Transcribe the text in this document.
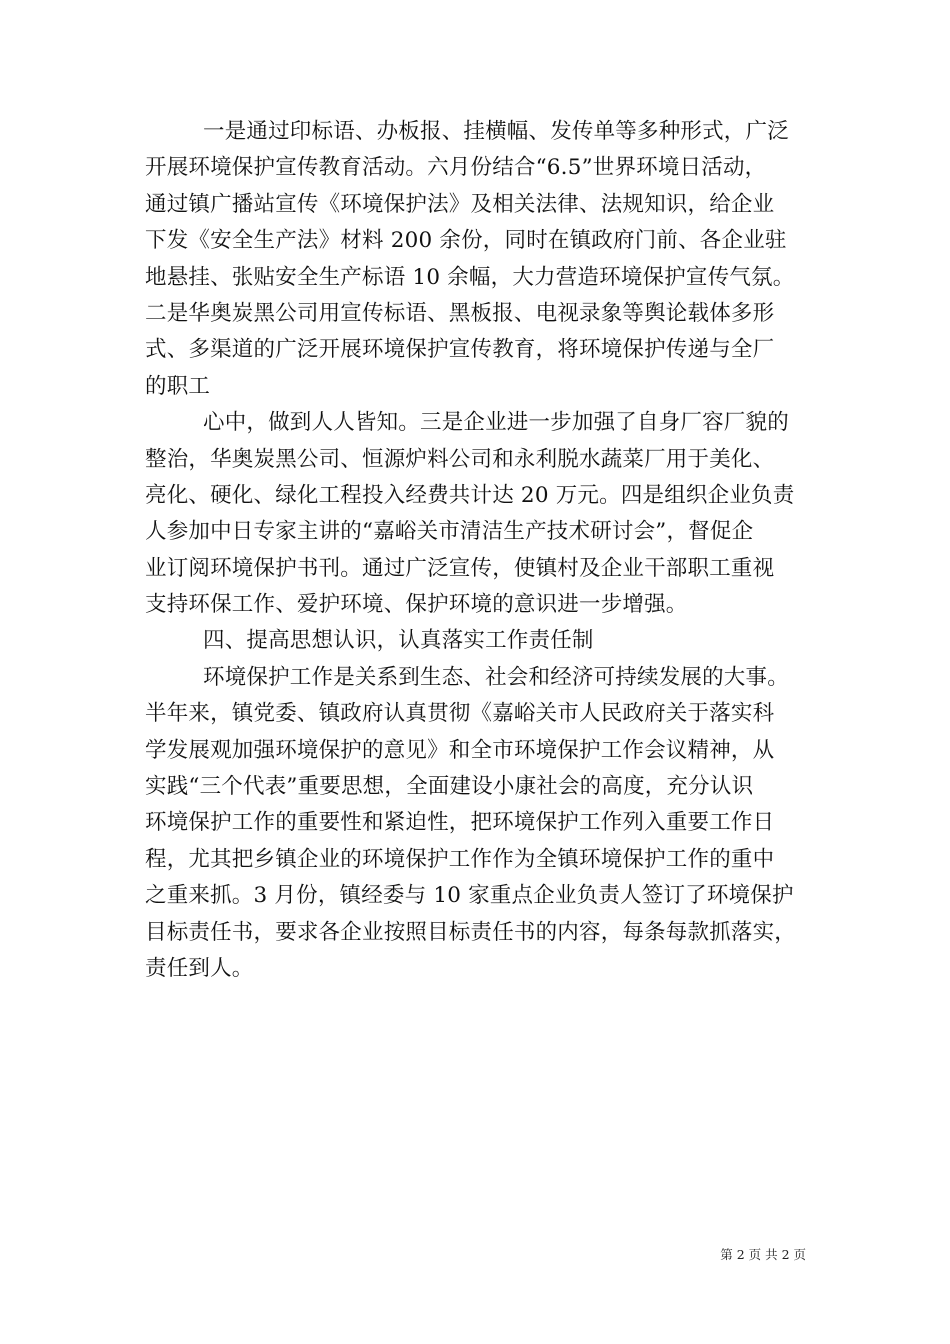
一是通过印标语、办板报、挂横幅、发传单等多种形式，广泛
开展环境保护宣传教育活动。六月份结合“6.5”世界环境日活动，
通过镇广播站宣传《环境保护法》及相关法律、法规知识，给企业
下发《安全生产法》材料 200 余份，同时在镇政府门前、各企业驻
地悬挂、张贴安全生产标语 10 余幅，大力营造环境保护宣传气氛。
二是华奥炭黑公司用宣传标语、黑板报、电视录象等舆论载体多形
式、多渠道的广泛开展环境保护宣传教育，将环境保护传递与全厂
的职工
心中，做到人人皆知。三是企业进一步加强了自身厂容厂貌的
整治，华奥炭黑公司、恒源炉料公司和永利脱水蔬菜厂用于美化、
亮化、硬化、绿化工程投入经费共计达 20 万元。四是组织企业负责
人参加中日专家主讲的“嘉峪关市清洁生产技术研讨会”，督促企
业订阅环境保护书刊。通过广泛宣传，使镇村及企业干部职工重视
支持环保工作、爱护环境、保护环境的意识进一步增强。
四、提高思想认识，认真落实工作责任制
环境保护工作是关系到生态、社会和经济可持续发展的大事。
半年来，镇党委、镇政府认真贯彻《嘉峪关市人民政府关于落实科
学发展观加强环境保护的意见》和全市环境保护工作会议精神，从
实践“三个代表”重要思想，全面建设小康社会的高度，充分认识
环境保护工作的重要性和紧迫性，把环境保护工作列入重要工作日
程，尤其把乡镇企业的环境保护工作作为全镇环境保护工作的重中
之重来抓。3 月份，镇经委与 10 家重点企业负责人签订了环境保护
目标责任书，要求各企业按照目标责任书的内容，每条每款抓落实，
责任到人。
第 2 页 共 2 页
